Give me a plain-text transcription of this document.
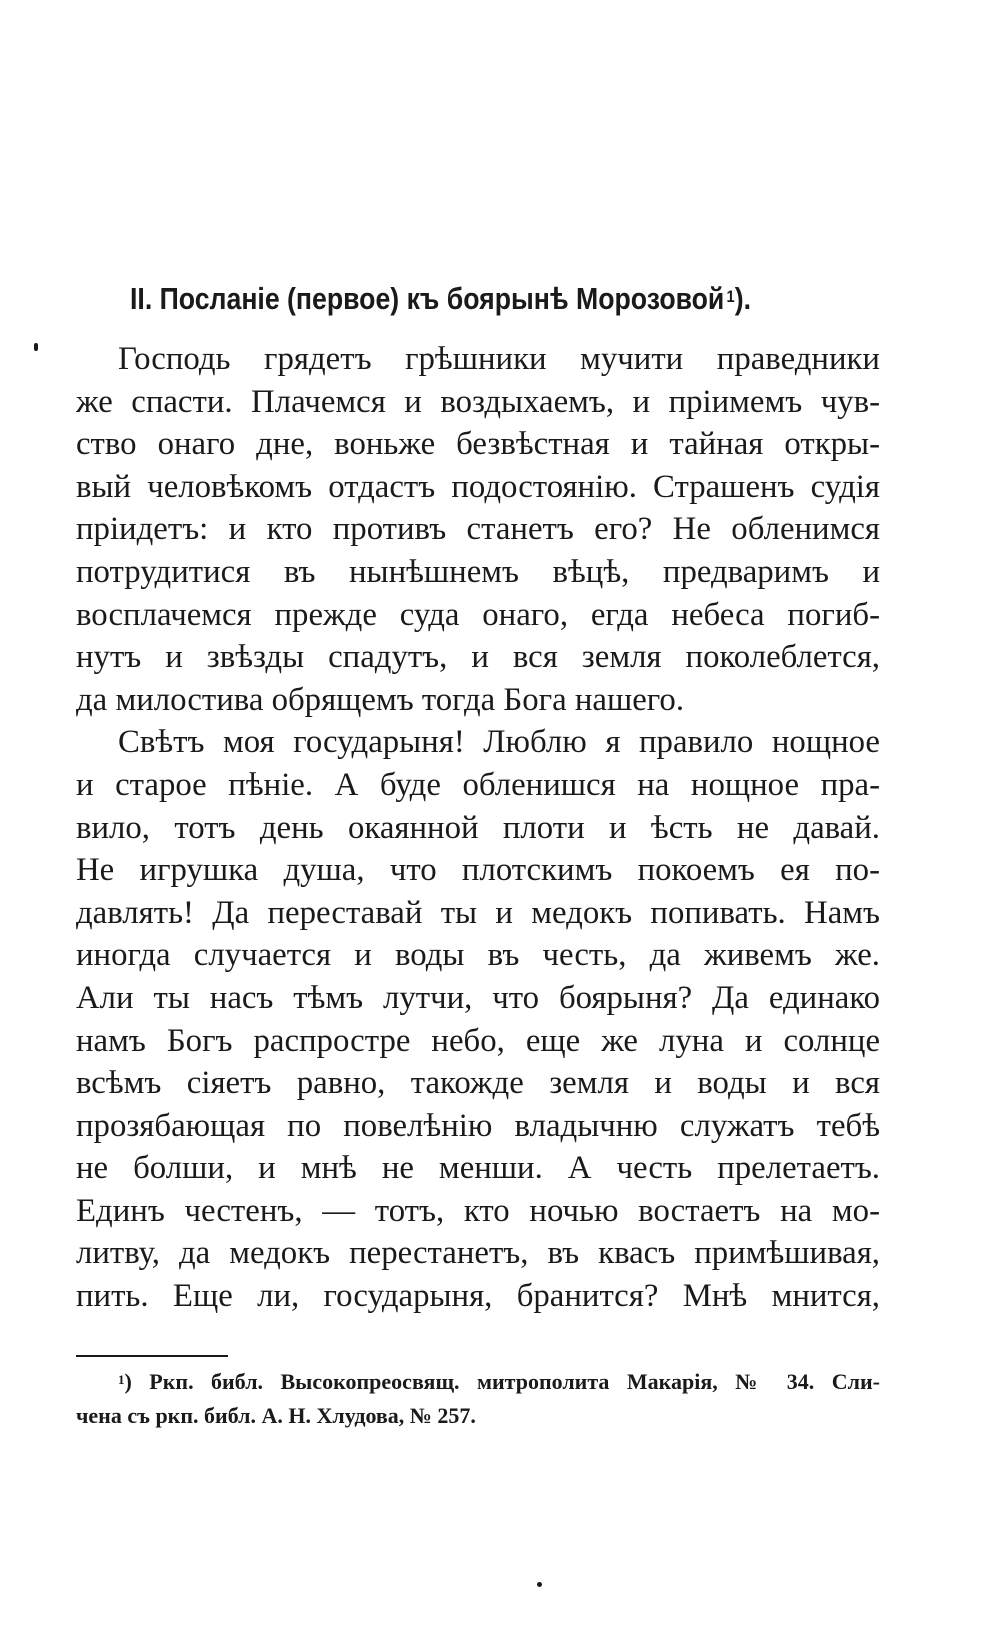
II. Посланіе (первое) къ боярынѣ Морозовой  $^1$).
Господь грядетъ грѣшники мучити праведники
же спасти. Плачемся и воздыхаемъ, и пріимемъ чув-
ство онаго дне, воньже безвѣстная и тайная откры-
вый человѣкомъ отдастъ подостоянію. Страшенъ судія
пріидетъ: и кто противъ станетъ его? Не обленимся
потрудитися въ нынѣшнемъ вѣцѣ, предваримъ и
восплачемся прежде суда онаго, егда небеса погиб-
нутъ и звѣзды спадутъ, и вся земля поколеблется,
да милостива обрящемъ тогда Бога нашего.
Свѣтъ моя государыня! Люблю я правило нощное
и старое пѣніе. А буде обленишся на нощное пра-
вило, тотъ день окаянной плоти и ѣсть не давай.
Не игрушка душа, что плотскимъ покоемъ ея по-
давлять! Да переставай ты и медокъ попивать. Намъ
иногда случается и воды въ честь, да живемъ же.
Али ты насъ тѣмъ лутчи, что боярыня? Да единако
намъ Богъ распростре небо, еще же луна и солнце
всѣмъ сіяетъ равно, такожде земля и воды и вся
прозябающая по повелѣнію владычню служатъ тебѣ
не болши, и мнѣ не менши. А честь прелетаетъ.
Единъ честенъ, — тотъ, кто ночью востаетъ на мо-
литву, да медокъ перестанетъ, въ квасъ примѣшивая,
пить. Еще ли, государыня, бранится? Мнѣ мнится,
$^1$) Ркп. библ. Высокопреосвящ. митрополита Макарія, № 34. Сли-
чена съ ркп. библ. А. Н. Хлудова, № 257.
